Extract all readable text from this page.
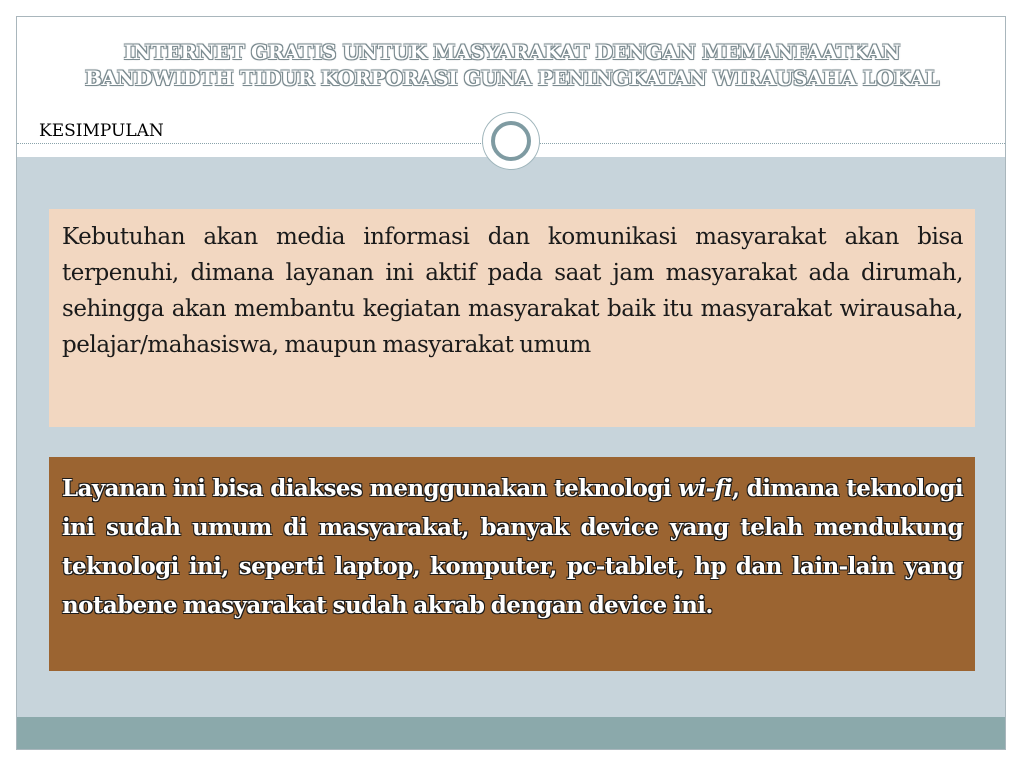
INTERNET GRATIS UNTUK MASYARAKAT DENGAN MEMANFAATKAN
BANDWIDTH TIDUR KORPORASI GUNA PENINGKATAN WIRAUSAHA LOKAL
KESIMPULAN

Kebutuhan akan media informasi dan komunikasi masyarakat akan bisa terpenuhi, dimana layanan ini aktif pada saat jam masyarakat ada dirumah, sehingga akan membantu kegiatan masyarakat baik itu masyarakat wirausaha, pelajar/mahasiswa, maupun masyarakat umum

Layanan ini bisa diakses menggunakan teknologi wi-fi, dimana teknologi ini sudah umum di masyarakat, banyak device yang telah mendukung teknologi ini, seperti laptop, komputer, pc-tablet, hp dan lain-lain yang notabene masyarakat sudah akrab dengan device ini.
